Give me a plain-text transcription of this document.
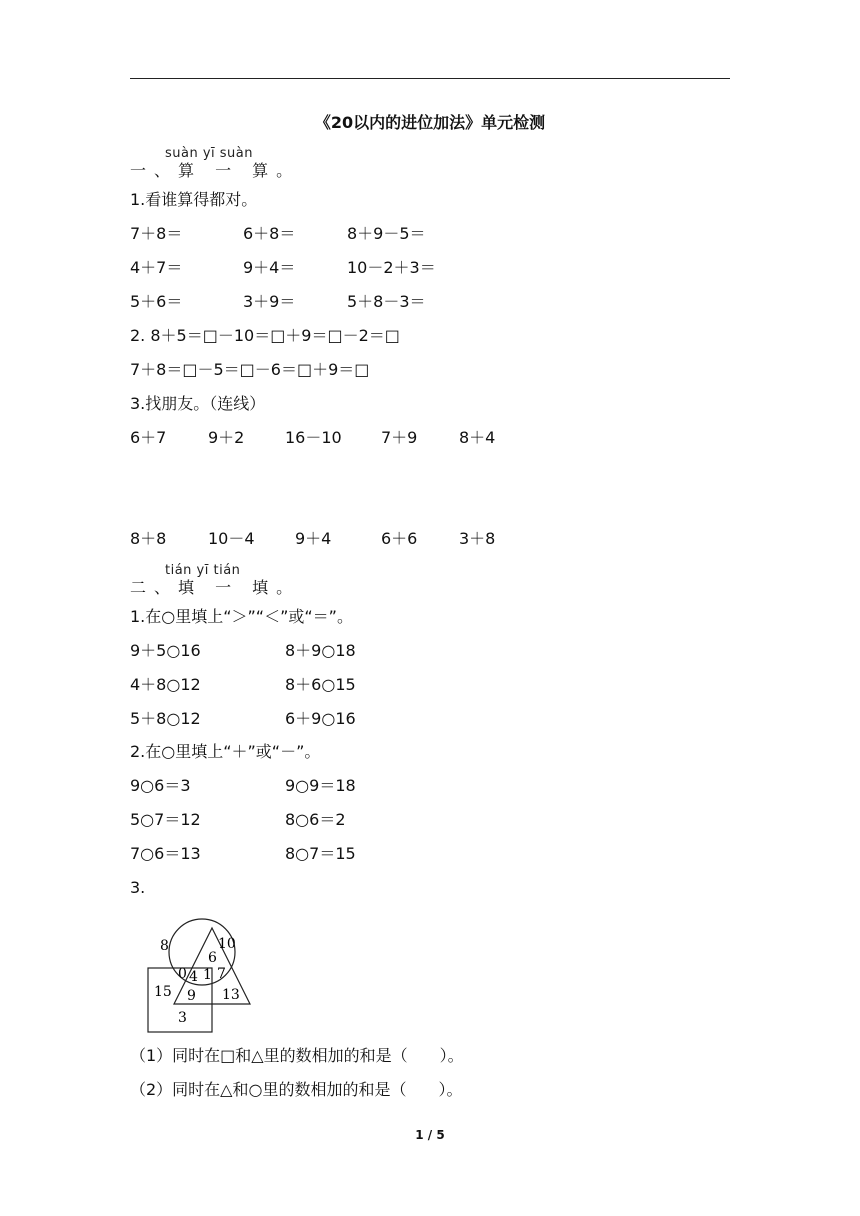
《20以内的进位加法》单元检测
suàn yī suàn
一、算 一 算。
1.看谁算得都对。
7＋8＝	6＋8＝	8＋9－5＝
4＋7＝	9＋4＝	10－2＋3＝
5＋6＝	3＋9＝	5＋8－3＝
2. 8＋5＝□－10＝□＋9＝□－2＝□
7＋8＝□－5＝□－6＝□＋9＝□
3.找朋友。（连线）
6＋7	9＋2	16－10 7＋9	8＋4
8＋8	10－4	9＋4	6＋6	3＋8
tián yī tián
二、填 一 填。
1.在○里填上“＞”“＜”或“＝”。
9＋5○16	8＋9○18
4＋8○12	8＋6○15
5＋8○12	6＋9○16
2.在○里填上“＋”或“－”。
9○6＝3	9○9＝18
5○7＝12	8○6＝2
7○6＝13	8○7＝15
3.
8	10
6
0 4 1 7
15 9 13
3
（1）同时在□和△里的数相加的和是（　　）。
（2）同时在△和○里的数相加的和是（　　）。
1 / 5
